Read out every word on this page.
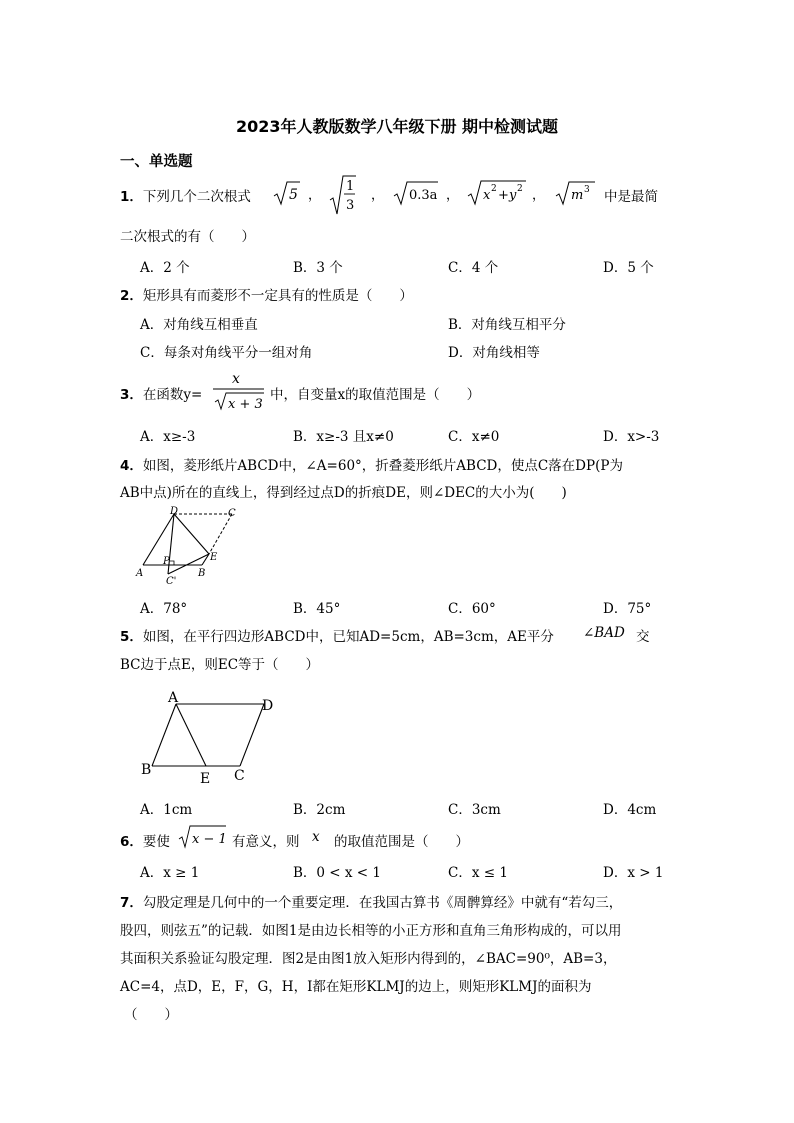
2023年人教版数学八年级下册 期中检测试题
一、单选题
1．下列几个二次根式	5 ，
1
3
， 0.3a ， x 2 + y 2 ， m 3 中是最简
二次根式的有（　　）
A．2 个	B．3 个	C．4 个	D．5 个
2．矩形具有而菱形不一定具有的性质是（　　）
A．对角线互相垂直	B．对角线互相平分
C．每条对角线平分一组对角	D．对角线相等
3．在函数y=
x
x + 3
中，自变量x的取值范围是（　　）
A．x≥-3	B．x≥-3 且x≠0	C．x≠0	D．x>-3
4．如图，菱形纸片ABCD中，∠A=60°，折叠菱形纸片ABCD，使点C落在DP(P为
AB中点)所在的直线上，得到经过点D的折痕DE，则∠DEC的大小为(　　)
D	C
P	E
A
C'
B
A．78°	B．45°	C．60°	D．75°
5．如图，在平行四边形ABCD中，已知AD=5cm，AB=3cm，AE平分 ∠BAD 交
BC边于点E，则EC等于（　　）
A	D
B
E C
A．1cm	B．2cm	C．3cm	D．4cm
6．要使 x − 1 有意义，则 x 的取值范围是（　　）
A．x ≥ 1	B．0 < x < 1	C．x ≤ 1	D．x > 1
7．勾股定理是几何中的一个重要定理．在我国古算书《周髀算经》中就有“若勾三，
股四，则弦五”的记载．如图1是由边长相等的小正方形和直角三角形构成的，可以用
其面积关系验证勾股定理．图2是由图1放入矩形内得到的，∠BAC=90⁰，AB=3，
AC=4，点D，E，F，G，H，I都在矩形KLMJ的边上，则矩形KLMJ的面积为
（　　）
